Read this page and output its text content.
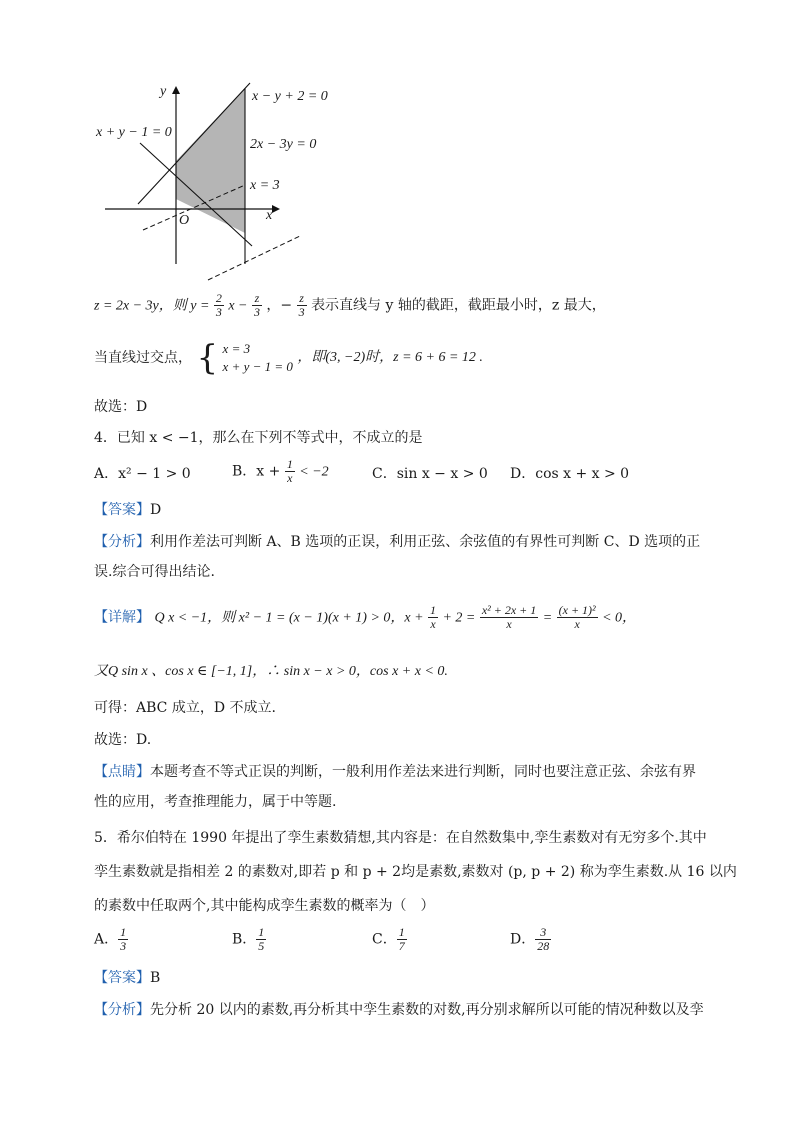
y
x
O
x − y + 2 = 0
x + y − 1 = 0
2x − 3y = 0
x = 3
z = 2x − 3y，则 $y = \frac{2}{3}$ $x - \frac{z}{3}$ ，− $\frac{z}{3}$ 表示直线与 y 轴的截距，截距最小时，z 最大，
当直线过交点， { x = 3
x + y − 1 = 0
，即(3, −2)时，z = 6 + 6 = 12 .
故选：D
4．已知 x < −1，那么在下列不等式中，不成立的是
A．x² − 1 > 0	B．$x + \frac{1}{x} < -2$	C．sin x − x > 0 D．cos x + x > 0
【答案】D
【分析】利用作差法可判断 A、B 选项的正误，利用正弦、余弦值的有界性可判断 C、D 选项的正
误.综合可得出结论.
【详解】 Q x < −1，则 x² − 1 = (x − 1)(x + 1) > 0，$x + \frac{1}{x} + 2 = \frac{\text{x² + 2x + 1}}{x} = \frac{\text{(x + 1)²}}{x} < 0$，
又Q sin x 、cos x ∈ [−1, 1]，∴ sin x − x > 0，cos x + x < 0.
可得：ABC 成立，D 不成立.
故选：D.
【点睛】本题考查不等式正误的判断，一般利用作差法来进行判断，同时也要注意正弦、余弦有界
性的应用，考查推理能力，属于中等题.
5．希尔伯特在 1990 年提出了孪生素数猜想,其内容是：在自然数集中,孪生素数对有无穷多个.其中
孪生素数就是指相差 2 的素数对,即若 p 和 p + 2均是素数,素数对 (p, p + 2) 称为孪生素数.从 16 以内
的素数中任取两个,其中能构成孪生素数的概率为（　）
A． $\frac{1}{3}$	B． $\frac{1}{5}$	C． $\frac{1}{7}$	D． $\frac{3}{28}$
【答案】B
【分析】先分析 20 以内的素数,再分析其中孪生素数的对数,再分别求解所以可能的情况种数以及孪
